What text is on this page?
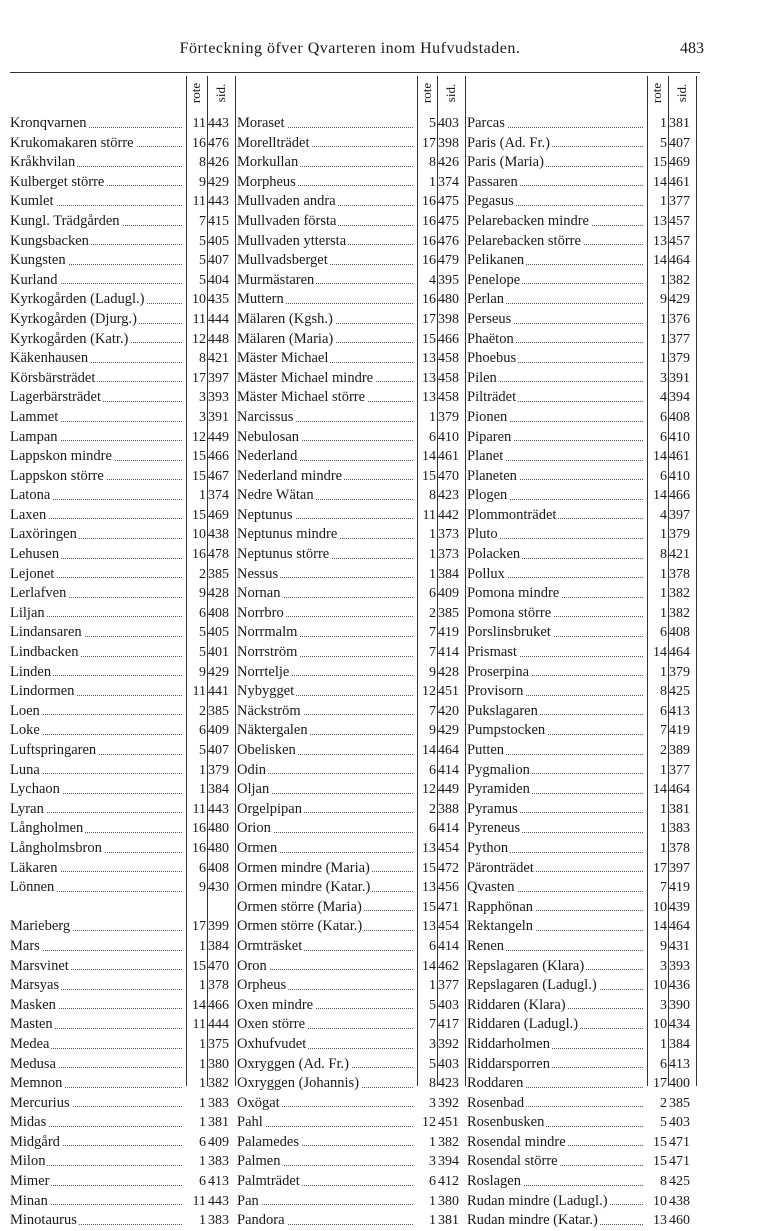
Förteckning öfver Qvarteren inom Hufvudstaden.	483
rote sid.
Kronqvarnen	11 443
Krukomakaren större	16 476
Kråkhvilan	8 426
Kulberget större	9 429
Kumlet	11 443
Kungl. Trädgården	7 415
Kungsbacken	5 405
Kungsten	5 407
Kurland	5 404
Kyrkogården (Ladugl.)	10 435
Kyrkogården (Djurg.)	11 444
Kyrkogården (Katr.)	12 448
Käkenhausen	8 421
Körsbärsträdet	17 397
Lagerbärsträdet	3 393
Lammet	3 391
Lampan	12 449
Lappskon mindre	15 466
Lappskon större	15 467
Latona	1 374
Laxen	15 469
Laxöringen	10 438
Lehusen	16 478
Lejonet	2 385
Lerlafven	9 428
Liljan	6 408
Lindansaren	5 405
Lindbacken	5 401
Linden	9 429
Lindormen	11 441
Loen	2 385
Loke	6 409
Luftspringaren	5 407
Luna	1 379
Lychaon	1 384
Lyran	11 443
Långholmen	16 480
Långholmsbron	16 480
Läkaren	6 408
Lönnen	9 430
Marieberg	17 399
Mars	1 384
Marsvinet	15 470
Marsyas	1 378
Masken	14 466
Masten	11 444
Medea	1 375
Medusa	1 380
Memnon	1 382
Mercurius	1 383
Midas	1 381
Midgård	6 409
Milon	1 383
Mimer	6 413
Minan	11 443
Minotaurus	1 383
rote sid.
Moraset	5 403
Morellträdet	17 398
Morkullan	8 426
Morpheus	1 374
Mullvaden andra	16 475
Mullvaden första	16 475
Mullvaden yttersta	16 476
Mullvadsberget	16 479
Murmästaren	4 395
Muttern	16 480
Mälaren (Kgsh.)	17 398
Mälaren (Maria)	15 466
Mäster Michael	13 458
Mäster Michael mindre	13 458
Mäster Michael större	13 458
Narcissus	1 379
Nebulosan	6 410
Nederland	14 461
Nederland mindre	15 470
Nedre Wätan	8 423
Neptunus	11 442
Neptunus mindre	1 373
Neptunus större	1 373
Nessus	1 384
Nornan	6 409
Norrbro	2 385
Norrmalm	7 419
Norrström	7 414
Norrtelje	9 428
Nybygget	12 451
Näckström	7 420
Näktergalen	9 429
Obelisken	14 464
Odin	6 414
Oljan	12 449
Orgelpipan	2 388
Orion	6 414
Ormen	13 454
Ormen mindre (Maria)	15 472
Ormen mindre (Katar.)	13 456
Ormen större (Maria)	15 471
Ormen större (Katar.)	13 454
Ormträsket	6 414
Oron	14 462
Orpheus	1 377
Oxen mindre	5 403
Oxen större	7 417
Oxhufvudet	3 392
Oxryggen (Ad. Fr.)	5 403
Oxryggen (Johannis)	8 423
Oxögat	3 392
Pahl	12 451
Palamedes	1 382
Palmen	3 394
Palmträdet	6 412
Pan	1 380
Pandora	1 381
rote sid.
Parcas	1 381
Paris (Ad. Fr.)	5 407
Paris (Maria)	15 469
Passaren	14 461
Pegasus	1 377
Pelarebacken mindre	13 457
Pelarebacken större	13 457
Pelikanen	14 464
Penelope	1 382
Perlan	9 429
Perseus	1 376
Phaëton	1 377
Phoebus	1 379
Pilen	3 391
Pilträdet	4 394
Pionen	6 408
Piparen	6 410
Planet	14 461
Planeten	6 410
Plogen	14 466
Plommonträdet	4 397
Pluto	1 379
Polacken	8 421
Pollux	1 378
Pomona mindre	1 382
Pomona större	1 382
Porslinsbruket	6 408
Prismast	14 464
Proserpina	1 379
Provisorn	8 425
Pukslagaren	6 413
Pumpstocken	7 419
Putten	2 389
Pygmalion	1 377
Pyramiden	14 464
Pyramus	1 381
Pyreneus	1 383
Python	1 378
Päronträdet	17 397
Qvasten	7 419
Rapphönan	10 439
Rektangeln	14 464
Renen	9 431
Repslagaren (Klara)	3 393
Repslagaren (Ladugl.)	10 436
Riddaren (Klara)	3 390
Riddaren (Ladugl.)	10 434
Riddarholmen	1 384
Riddarsporren	6 413
Roddaren	17 400
Rosenbad	2 385
Rosenbusken	5 403
Rosendal mindre	15 471
Rosendal större	15 471
Roslagen	8 425
Rudan mindre (Ladugl.)	10 438
Rudan mindre (Katar.)	13 460
